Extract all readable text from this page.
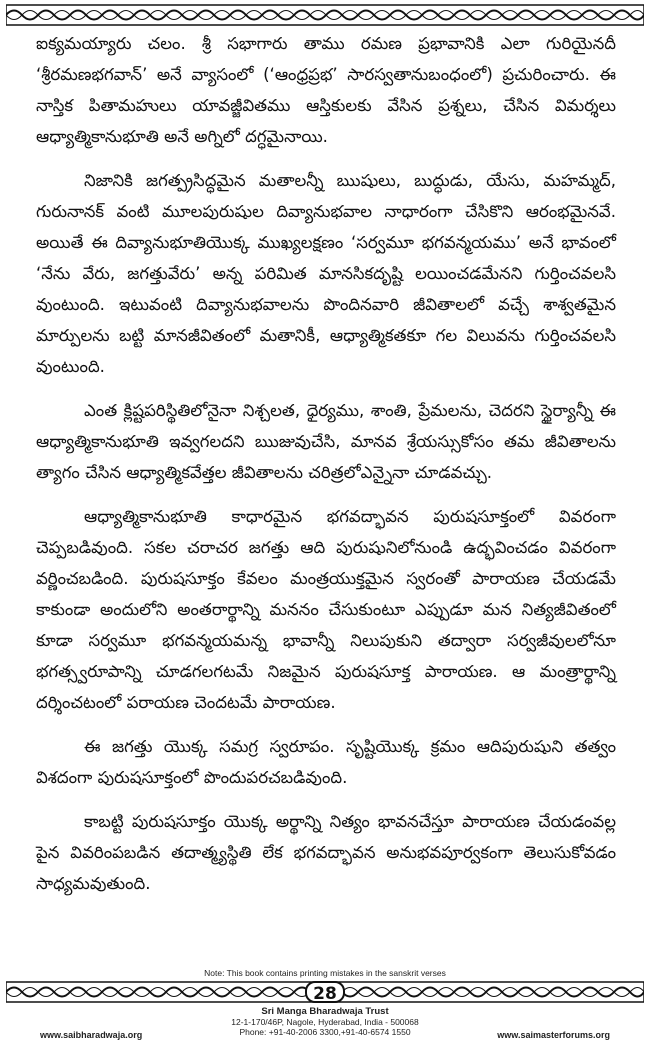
ఐక్యమయ్యారు చలం. శ్రీ సభాగారు తాము రమణ ప్రభావానికి ఎలా గురియైనదీ ‘శ్రీరమణభగవాన్’ అనే వ్యాసంలో (‘ఆంధ్రప్రభ’ సారస్వతానుబంధంలో) ప్రచురించారు. ఈ నాస్తిక పితామహులు యావజ్జీవితము ఆస్తికులకు వేసిన ప్రశ్నలు, చేసిన విమర్శలు ఆధ్యాత్మికానుభూతి అనే అగ్నిలో దగ్ధమైనాయి.

నిజానికి జగత్ప్రసిద్ధమైన మతాలన్నీ ఋషులు, బుద్ధుడు, యేసు, మహమ్మద్, గురునానక్ వంటి మూలపురుషుల దివ్యానుభవాల నాధారంగా చేసికొని ఆరంభమైనవే. అయితే ఈ దివ్యానుభూతియొక్క ముఖ్యలక్షణం ‘సర్వమూ భగవన్మయము’ అనే భావంలో ‘నేను వేరు, జగత్తువేరు’ అన్న పరిమిత మానసికదృష్టి లయించడమేనని గుర్తించవలసి వుంటుంది. ఇటువంటి దివ్యానుభవాలను పొందినవారి జీవితాలలో వచ్చే శాశ్వతమైన మార్పులను బట్టి మానజీవితంలో మతానికీ, ఆధ్యాత్మికతకూ గల విలువను గుర్తించవలసి వుంటుంది.

ఎంత క్లిష్టపరిస్థితిలోనైనా నిశ్చలత, ధైర్యము, శాంతి, ప్రేమలను, చెదరని స్థైర్యాన్నీ ఈ ఆధ్యాత్మికానుభూతి ఇవ్వగలదని ఋజువుచేసి, మానవ శ్రేయస్సుకోసం తమ జీవితాలను త్యాగం చేసిన ఆధ్యాత్మికవేత్తల జీవితాలను చరిత్రలోఎన్నైనా చూడవచ్చు.

ఆధ్యాత్మికానుభూతి కాధారమైన భగవద్భావన పురుషసూక్తంలో వివరంగా చెప్పబడివుంది. సకల చరాచర జగత్తు ఆది పురుషునిలోనుండి ఉద్భవించడం వివరంగా వర్ణించబడింది. పురుషసూక్తం కేవలం మంత్రయుక్తమైన స్వరంతో పారాయణ చేయడమే కాకుండా అందులోని అంతరార్థాన్ని మననం చేసుకుంటూ ఎప్పుడూ మన నిత్యజీవితంలో కూడా సర్వమూ భగవన్మయమన్న భావాన్నీ నిలుపుకుని తద్వారా సర్వజీవులలోనూ భగత్స్వరూపాన్ని చూడగలగటమే నిజమైన పురుషసూక్త పారాయణ. ఆ మంత్రార్థాన్ని దర్శించటంలో పరాయణ చెందటమే పారాయణ.

ఈ జగత్తు యొక్క సమగ్ర స్వరూపం. సృష్టియొక్క క్రమం ఆదిపురుషుని తత్వం విశదంగా పురుషసూక్తంలో పొందుపరచబడివుంది.

కాబట్టి పురుషసూక్తం యొక్క అర్థాన్ని నిత్యం భావనచేస్తూ పారాయణ చేయడంవల్ల పైన వివరింపబడిన తదాత్మ్యస్థితి లేక భగవద్భావన అనుభవపూర్వకంగా తెలుసుకోవడం సాధ్యమవుతుంది.

Note: This book contains printing mistakes in the sanskrit verses
28
Sri Manga Bharadwaja Trust
12-1-170/46P, Nagole, Hyderabad, India - 500068
Phone: +91-40-2006 3300,+91-40-6574 1550
www.saibharadwaja.org	www.saimasterforums.org
